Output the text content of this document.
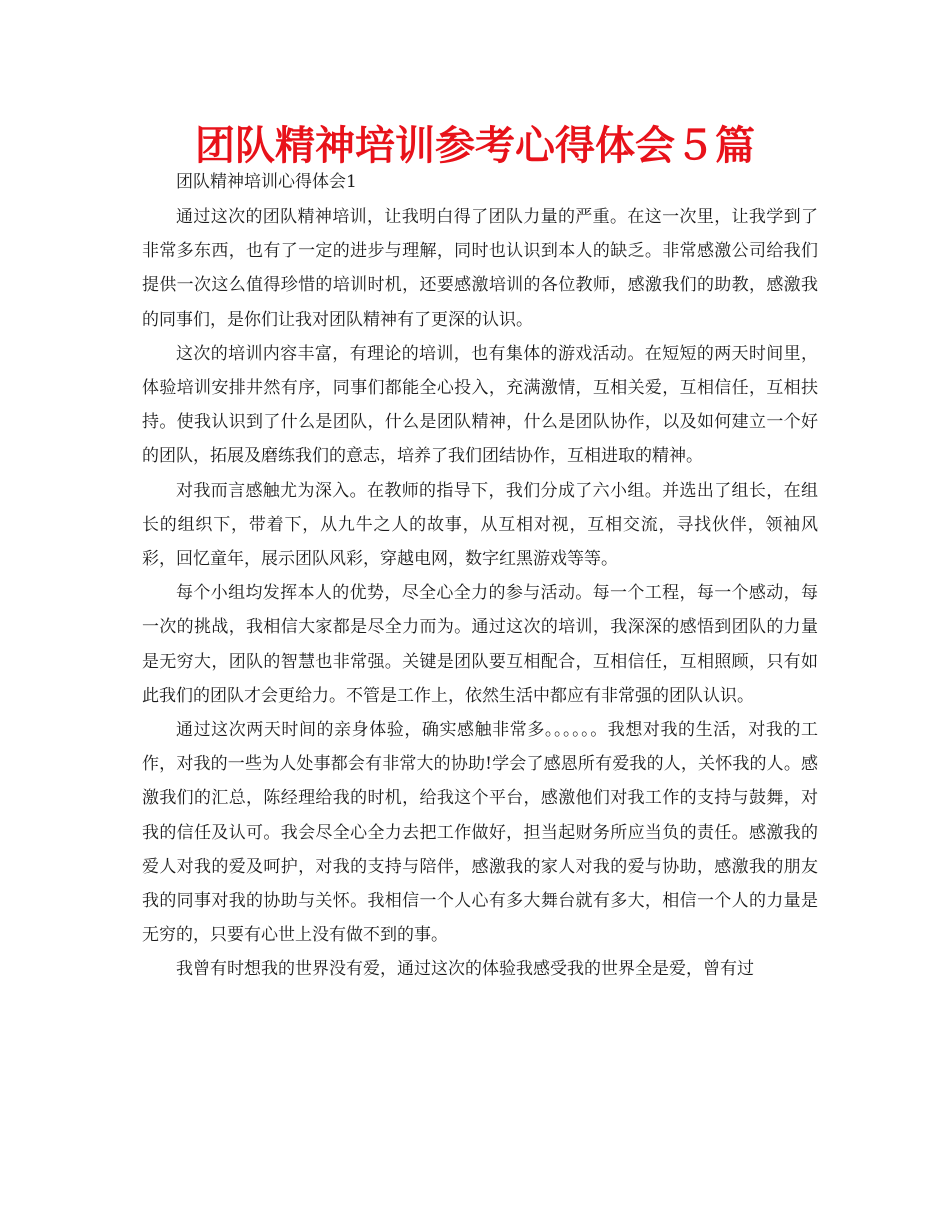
团队精神培训参考心得体会５篇

团队精神培训心得体会1

通过这次的团队精神培训，让我明白得了团队力量的严重。在这一次里，让我学到了非常多东西，也有了一定的进步与理解，同时也认识到本人的缺乏。非常感激公司给我们提供一次这么值得珍惜的培训时机，还要感激培训的各位教师，感激我们的助教，感激我的同事们，是你们让我对团队精神有了更深的认识。

这次的培训内容丰富，有理论的培训，也有集体的游戏活动。在短短的两天时间里，体验培训安排井然有序，同事们都能全心投入，充满激情，互相关爱，互相信任，互相扶持。使我认识到了什么是团队，什么是团队精神，什么是团队协作，以及如何建立一个好的团队，拓展及磨练我们的意志，培养了我们团结协作，互相进取的精神。

对我而言感触尤为深入。在教师的指导下，我们分成了六小组。并选出了组长，在组长的组织下，带着下，从九牛之人的故事，从互相对视，互相交流，寻找伙伴，领袖风彩，回忆童年，展示团队风彩，穿越电网，数字红黑游戏等等。

每个小组均发挥本人的优势，尽全心全力的参与活动。每一个工程，每一个感动，每一次的挑战，我相信大家都是尽全力而为。通过这次的培训，我深深的感悟到团队的力量是无穷大，团队的智慧也非常强。关键是团队要互相配合，互相信任，互相照顾，只有如此我们的团队才会更给力。不管是工作上，依然生活中都应有非常强的团队认识。

通过这次两天时间的亲身体验，确实感触非常多。。。。。。我想对我的生活，对我的工作，对我的一些为人处事都会有非常大的协助!学会了感恩所有爱我的人，关怀我的人。感激我们的汇总，陈经理给我的时机，给我这个平台，感激他们对我工作的支持与鼓舞，对我的信任及认可。我会尽全心全力去把工作做好，担当起财务所应当负的责任。感激我的爱人对我的爱及呵护，对我的支持与陪伴，感激我的家人对我的爱与协助，感激我的朋友我的同事对我的协助与关怀。我相信一个人心有多大舞台就有多大，相信一个人的力量是无穷的，只要有心世上没有做不到的事。

我曾有时想我的世界没有爱，通过这次的体验我感受我的世界全是爱，曾有过
